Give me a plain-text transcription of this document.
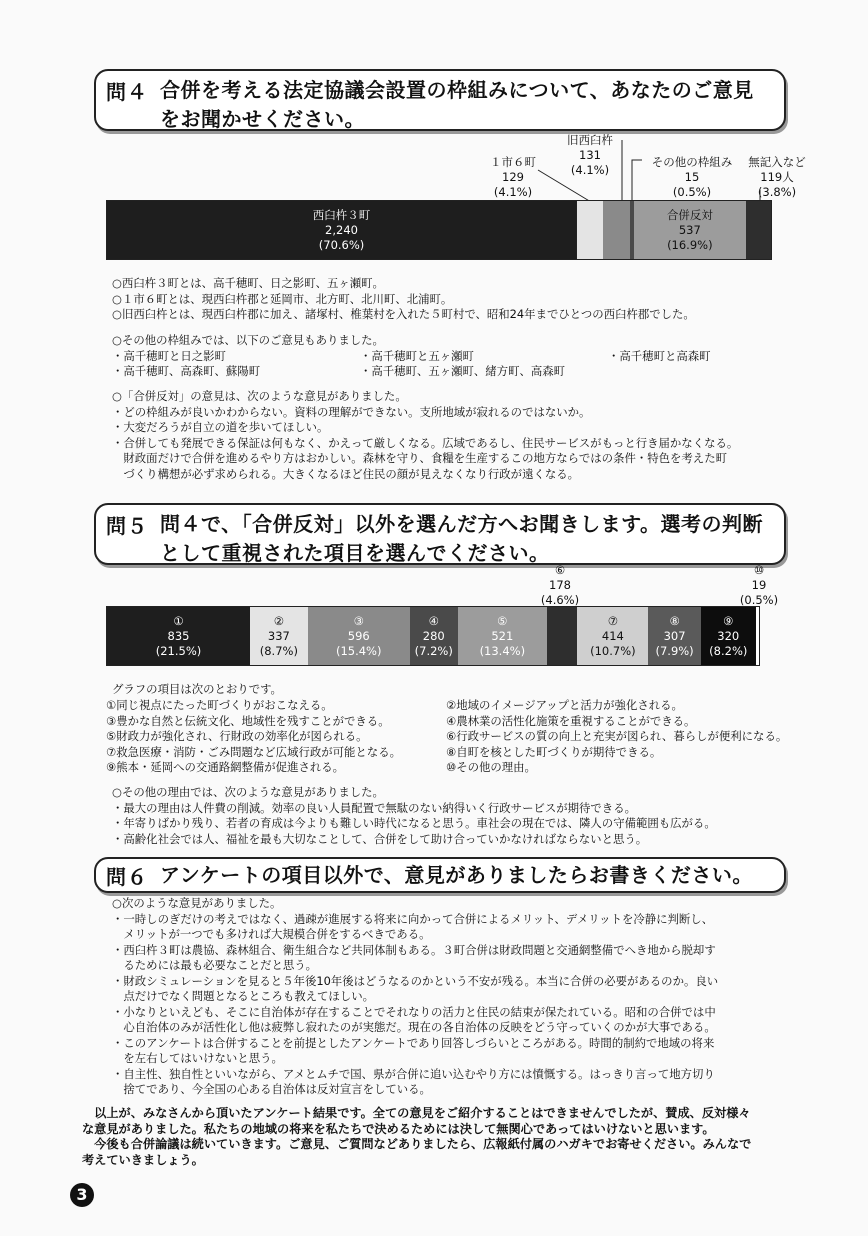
問４ 合併を考える法定協議会設置の枠組みについて、あなたのご意見をお聞かせください。
１市６町
129
(4.1%)
旧西臼杵
131
(4.1%)
その他の枠組み
15
(0.5%)
無記入など
119人
(3.8%)
西臼杵３町
2,240
(70.6%)
合併反対
537
(16.9%)
○西臼杵３町とは、高千穂町、日之影町、五ヶ瀬町。
○１市６町とは、現西臼杵郡と延岡市、北方町、北川町、北浦町。
○旧西臼杵とは、現西臼杵郡に加え、諸塚村、椎葉村を入れた５町村で、昭和24年までひとつの西臼杵郡でした。
○その他の枠組みでは、以下のご意見もありました。
・高千穂町と日之影町	・高千穂町と五ヶ瀬町	・高千穂町と高森町
・高千穂町、高森町、蘇陽町	・高千穂町、五ヶ瀬町、緒方町、高森町
○「合併反対」の意見は、次のような意見がありました。
・どの枠組みが良いかわからない。資料の理解ができない。支所地域が寂れるのではないか。
・大変だろうが自立の道を歩いてほしい。
・合併しても発展できる保証は何もなく、かえって厳しくなる。広域であるし、住民サービスがもっと行き届かなくなる。
　財政面だけで合併を進めるやり方はおかしい。森林を守り、食糧を生産するこの地方ならではの条件・特色を考えた町
　づくり構想が必ず求められる。大きくなるほど住民の顔が見えなくなり行政が遠くなる。
問５ 問４で、「合併反対」以外を選んだ方へお聞きします。選考の判断として重視された項目を選んでください。
⑥
178
(4.6%)
⑩
19
(0.5%)
①
835
(21.5%)
②
337
(8.7%)
③
596
(15.4%)
④
280
(7.2%)
⑤
521
(13.4%)
⑦
414
(10.7%)
⑧
307
(7.9%)
⑨
320
(8.2%)
グラフの項目は次のとおりです。
①同じ視点にたった町づくりがおこなえる。
③豊かな自然と伝統文化、地域性を残すことができる。
⑤財政力が強化され、行財政の効率化が図られる。
⑦救急医療・消防・ごみ問題など広域行政が可能となる。
⑨熊本・延岡への交通路網整備が促進される。
②地域のイメージアップと活力が強化される。
④農林業の活性化施策を重視することができる。
⑥行政サービスの質の向上と充実が図られ、暮らしが便利になる。
⑧自町を核とした町づくりが期待できる。
⑩その他の理由。
○その他の理由では、次のような意見がありました。
・最大の理由は人件費の削減。効率の良い人員配置で無駄のない納得いく行政サービスが期待できる。
・年寄りばかり残り、若者の育成は今よりも難しい時代になると思う。車社会の現在では、隣人の守備範囲も広がる。
・高齢化社会では人、福祉を最も大切なことして、合併をして助け合っていかなければならないと思う。
問６ アンケートの項目以外で、意見がありましたらお書きください。
○次のような意見がありました。
・一時しのぎだけの考えではなく、過疎が進展する将来に向かって合併によるメリット、デメリットを冷静に判断し、
　メリットが一つでも多ければ大規模合併をするべきである。
・西臼杵３町は農協、森林組合、衛生組合など共同体制もある。３町合併は財政問題と交通網整備でへき地から脱却す
　るためには最も必要なことだと思う。
・財政シミュレーションを見ると５年後10年後はどうなるのかという不安が残る。本当に合併の必要があるのか。良い
　点だけでなく問題となるところも教えてほしい。
・小なりといえども、そこに自治体が存在することでそれなりの活力と住民の結束が保たれている。昭和の合併では中
　心自治体のみが活性化し他は疲弊し寂れたのが実態だ。現在の各自治体の反映をどう守っていくのかが大事である。
・このアンケートは合併することを前提としたアンケートであり回答しづらいところがある。時間的制約で地域の将来
　を左右してはいけないと思う。
・自主性、独自性といいながら、アメとムチで国、県が合併に追い込むやり方には憤慨する。はっきり言って地方切り
　捨てであり、今全国の心ある自治体は反対宣言をしている。
　以上が、みなさんから頂いたアンケート結果です。全ての意見をご紹介することはできませんでしたが、賛成、反対様々
な意見がありました。私たちの地域の将来を私たちで決めるためには決して無関心であってはいけないと思います。
　今後も合併論議は続いていきます。ご意見、ご質問などありましたら、広報紙付属のハガキでお寄せください。みんなで
考えていきましょう。
3
